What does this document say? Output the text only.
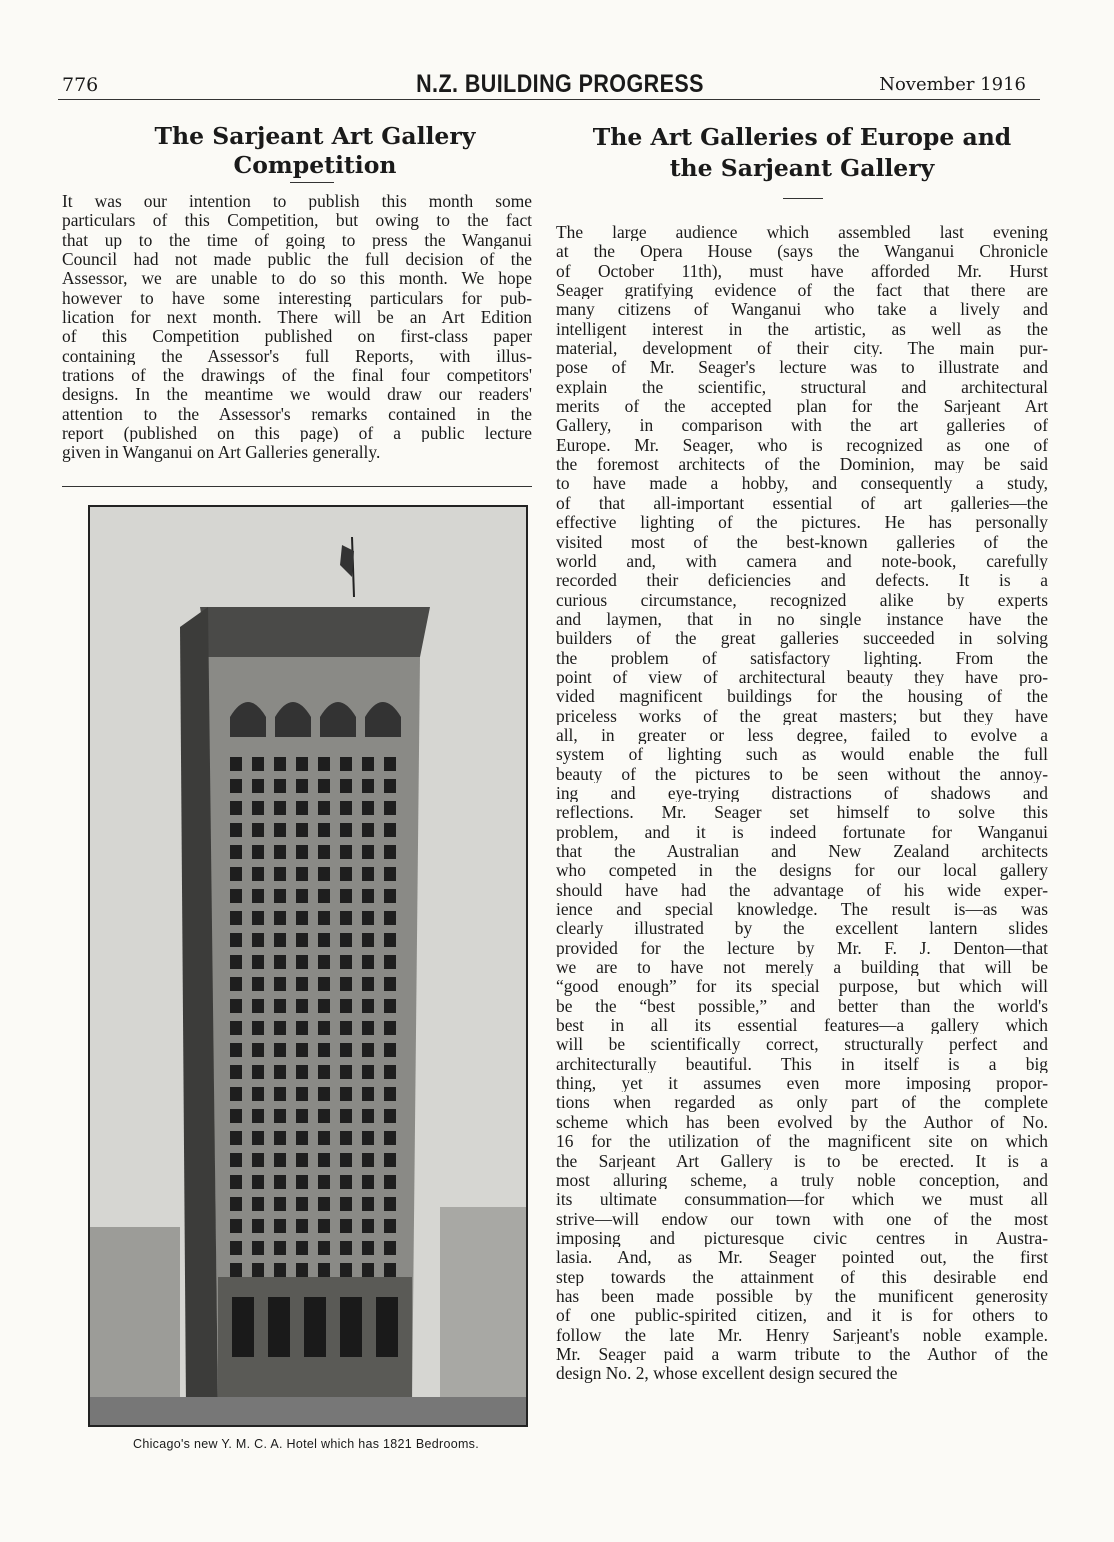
776	N.Z. BUILDING PROGRESS	November 1916
The Sarjeant Art Gallery
Competition
It was our intention to publish this month some
particulars of this Competition, but owing to the fact
that up to the time of going to press the Wanganui
Council had not made public the full decision of the
Assessor, we are unable to do so this month. We hope
however to have some interesting particulars for pub-
lication for next month. There will be an Art Edition
of this Competition published on first-class paper
containing the Assessor's full Reports, with illus-
trations of the drawings of the final four competitors'
designs. In the meantime we would draw our readers'
attention to the Assessor's remarks contained in the
report (published on this page) of a public lecture
given in Wanganui on Art Galleries generally.
Chicago's new Y. M. C. A. Hotel which has 1821 Bedrooms.
The Art Galleries of Europe and
the Sarjeant Gallery
The large audience which assembled last evening
at the Opera House (says the Wanganui Chronicle
of October 11th), must have afforded Mr. Hurst
Seager gratifying evidence of the fact that there are
many citizens of Wanganui who take a lively and
intelligent interest in the artistic, as well as the
material, development of their city. The main pur-
pose of Mr. Seager's lecture was to illustrate and
explain the scientific, structural and architectural
merits of the accepted plan for the Sarjeant Art
Gallery, in comparison with the art galleries of
Europe. Mr. Seager, who is recognized as one of
the foremost architects of the Dominion, may be said
to have made a hobby, and consequently a study,
of that all-important essential of art galleries—the
effective lighting of the pictures. He has personally
visited most of the best-known galleries of the
world and, with camera and note-book, carefully
recorded their deficiencies and defects. It is a
curious circumstance, recognized alike by experts
and laymen, that in no single instance have the
builders of the great galleries succeeded in solving
the problem of satisfactory lighting. From the
point of view of architectural beauty they have pro-
vided magnificent buildings for the housing of the
priceless works of the great masters; but they have
all, in greater or less degree, failed to evolve a
system of lighting such as would enable the full
beauty of the pictures to be seen without the annoy-
ing and eye-trying distractions of shadows and
reflections. Mr. Seager set himself to solve this
problem, and it is indeed fortunate for Wanganui
that the Australian and New Zealand architects
who competed in the designs for our local gallery
should have had the advantage of his wide exper-
ience and special knowledge. The result is—as was
clearly illustrated by the excellent lantern slides
provided for the lecture by Mr. F. J. Denton—that
we are to have not merely a building that will be
“good enough” for its special purpose, but which will
be the “best possible,” and better than the world's
best in all its essential features—a gallery which
will be scientifically correct, structurally perfect and
architecturally beautiful. This in itself is a big
thing, yet it assumes even more imposing propor-
tions when regarded as only part of the complete
scheme which has been evolved by the Author of No.
16 for the utilization of the magnificent site on which
the Sarjeant Art Gallery is to be erected. It is a
most alluring scheme, a truly noble conception, and
its ultimate consummation—for which we must all
strive—will endow our town with one of the most
imposing and picturesque civic centres in Austra-
lasia. And, as Mr. Seager pointed out, the first
step towards the attainment of this desirable end
has been made possible by the munificent generosity
of one public-spirited citizen, and it is for others to
follow the late Mr. Henry Sarjeant's noble example.
Mr. Seager paid a warm tribute to the Author of the
design No. 2, whose excellent design secured the
